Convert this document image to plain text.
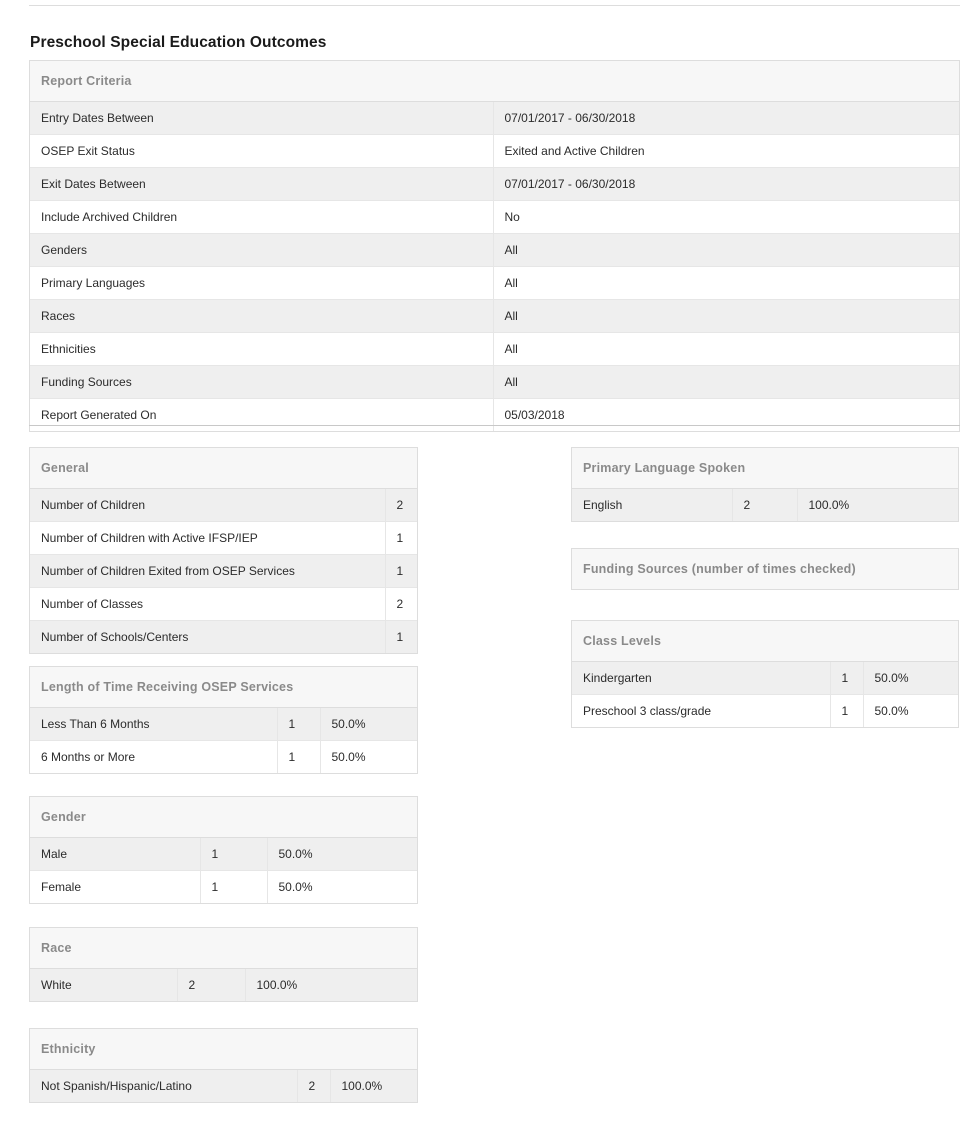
Preschool Special Education Outcomes
Report Criteria	
Entry Dates Between	07/01/2017 - 06/30/2018
OSEP Exit Status	Exited and Active Children
Exit Dates Between	07/01/2017 - 06/30/2018
Include Archived Children	No
Genders	All
Primary Languages	All
Races	All
Ethnicities	All
Funding Sources	All
Report Generated On	05/03/2018
General	
Number of Children	2
Number of Children with Active IFSP/IEP	1
Number of Children Exited from OSEP Services	1
Number of Classes	2
Number of Schools/Centers	1
Length of Time Receiving OSEP Services		
Less Than 6 Months	1	50.0%
6 Months or More	1	50.0%
Gender		
Male	1	50.0%
Female	1	50.0%
Race
White	2	100.0%
Ethnicity
Not Spanish/Hispanic/Latino	2	100.0%
Primary Language Spoken
English	2	100.0%
Funding Sources (number of times checked)
Class Levels		
Kindergarten	1	50.0%
Preschool 3 class/grade	1	50.0%
